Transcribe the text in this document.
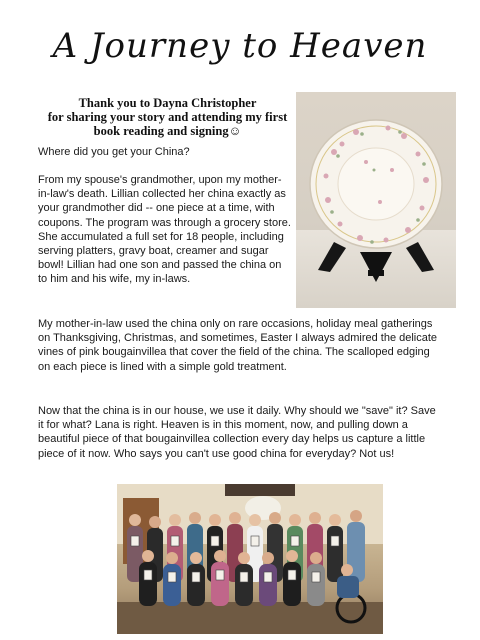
A Journey to Heaven
Thank you to Dayna Christopher
for sharing your story and attending my first
book reading and signing☺
Where did you get your China?
From my spouse's grandmother, upon my mother-in-law's death. Lillian collected her china exactly as your grandmother did -- one piece at a time, with coupons. The program was through a grocery store. She accumulated a full set for 18 people, including serving platters, gravy boat, creamer and sugar bowl! Lillian had one son and passed the china on to him and his wife, my in-laws.
My mother-in-law used the china only on rare occasions, holiday meal gatherings on Thanksgiving, Christmas, and sometimes, Easter I always admired the delicate vines of pink bougainvillea that cover the field of the china. The scalloped edging on each piece is lined with a simple gold treatment.
Now that the china is in our house, we use it daily. Why should we "save" it? Save it for what? Lana is right. Heaven is in this moment, now, and pulling down a beautiful piece of that bougainvillea collection every day helps us capture a little piece of it now. Who says you can't use good china for everyday? Not us!
